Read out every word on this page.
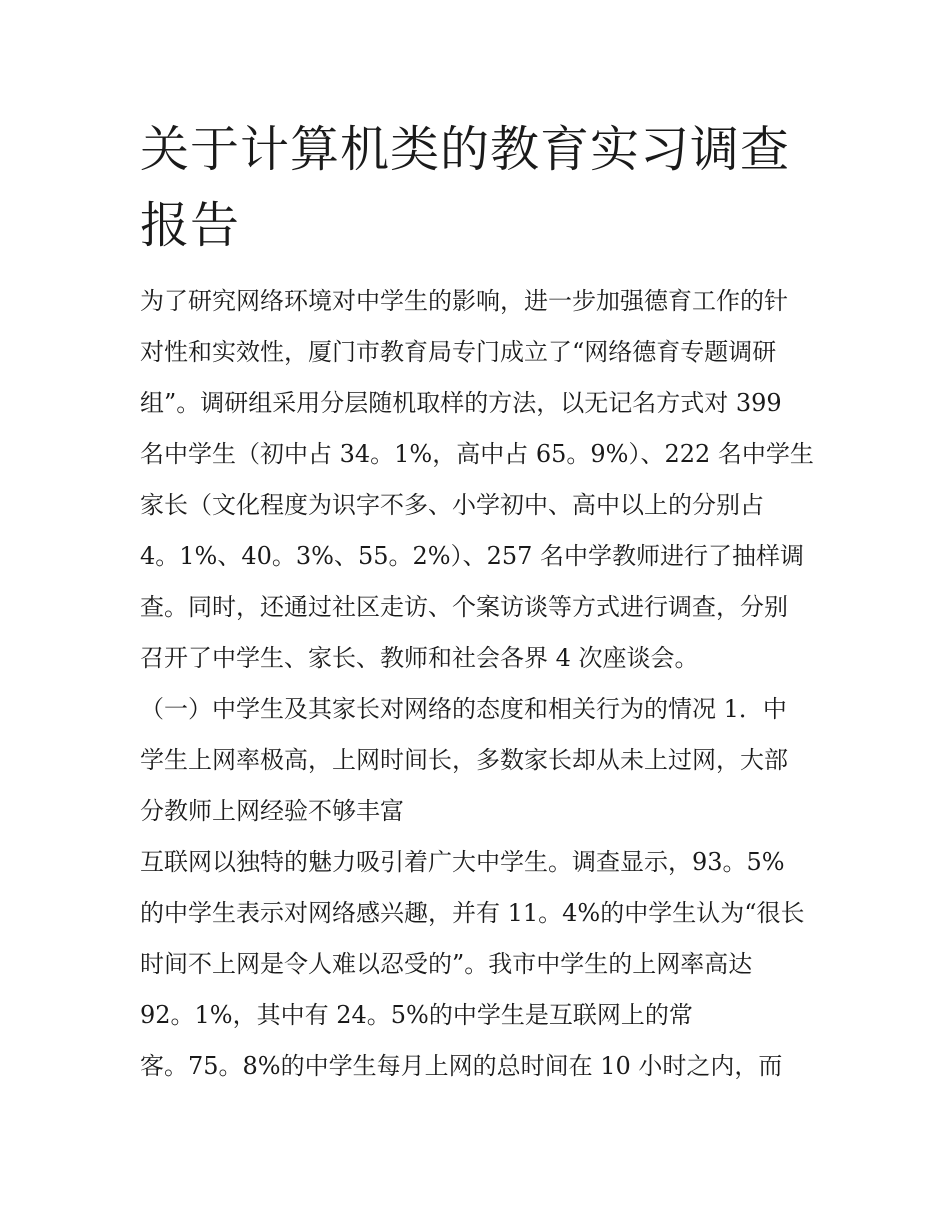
关于计算机类的教育实习调查
报告
为了研究网络环境对中学生的影响，进一步加强德育工作的针
对性和实效性，厦门市教育局专门成立了“网络德育专题调研
组”。调研组采用分层随机取样的方法，以无记名方式对 399
名中学生（初中占 34。1%，高中占 65。9%）、222 名中学生
家长（文化程度为识字不多、小学初中、高中以上的分别占
4。1%、40。3%、55。2%）、257 名中学教师进行了抽样调
查。同时，还通过社区走访、个案访谈等方式进行调查，分别
召开了中学生、家长、教师和社会各界 4 次座谈会。
（一）中学生及其家长对网络的态度和相关行为的情况 1．中
学生上网率极高，上网时间长，多数家长却从未上过网，大部
分教师上网经验不够丰富
互联网以独特的魅力吸引着广大中学生。调查显示，93。5%
的中学生表示对网络感兴趣，并有 11。4%的中学生认为“很长
时间不上网是令人难以忍受的”。我市中学生的上网率高达
92。1%，其中有 24。5%的中学生是互联网上的常
客。75。8%的中学生每月上网的总时间在 10 小时之内，而
